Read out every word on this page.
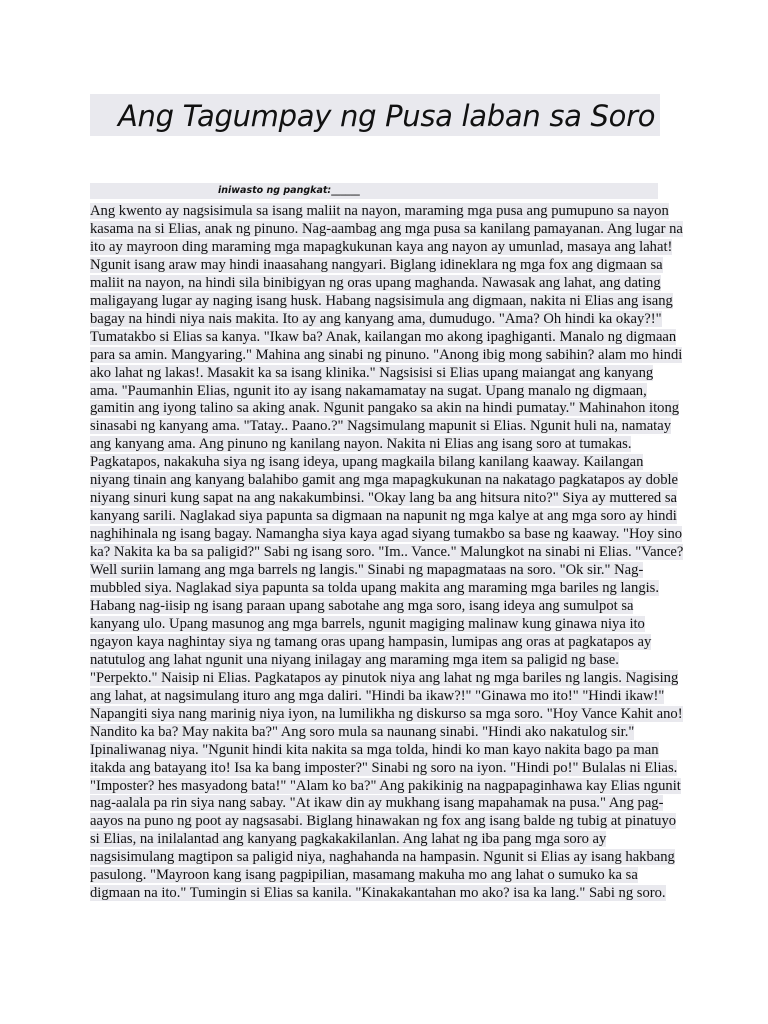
Ang Tagumpay ng Pusa laban sa Soro
iniwasto ng pangkat:______
Ang kwento ay nagsisimula sa isang maliit na nayon, maraming mga pusa ang pumupuno sa nayon
kasama na si Elias, anak ng pinuno. Nag-aambag ang mga pusa sa kanilang pamayanan. Ang lugar na
ito ay mayroon ding maraming mga mapagkukunan kaya ang nayon ay umunlad, masaya ang lahat!
Ngunit isang araw may hindi inaasahang nangyari. Biglang idineklara ng mga fox ang digmaan sa
maliit na nayon, na hindi sila binibigyan ng oras upang maghanda. Nawasak ang lahat, ang dating
maligayang lugar ay naging isang husk. Habang nagsisimula ang digmaan, nakita ni Elias ang isang
bagay na hindi niya nais makita. Ito ay ang kanyang ama, dumudugo. "Ama? Oh hindi ka okay?!"
Tumatakbo si Elias sa kanya. "Ikaw ba? Anak, kailangan mo akong ipaghiganti. Manalo ng digmaan
para sa amin. Mangyaring." Mahina ang sinabi ng pinuno. "Anong ibig mong sabihin? alam mo hindi
ako lahat ng lakas!. Masakit ka sa isang klinika." Nagsisisi si Elias upang maiangat ang kanyang
ama. "Paumanhin Elias, ngunit ito ay isang nakamamatay na sugat. Upang manalo ng digmaan,
gamitin ang iyong talino sa aking anak. Ngunit pangako sa akin na hindi pumatay." Mahinahon itong
sinasabi ng kanyang ama. "Tatay.. Paano.?" Nagsimulang mapunit si Elias. Ngunit huli na, namatay
ang kanyang ama. Ang pinuno ng kanilang nayon. Nakita ni Elias ang isang soro at tumakas.
Pagkatapos, nakakuha siya ng isang ideya, upang magkaila bilang kanilang kaaway. Kailangan
niyang tinain ang kanyang balahibo gamit ang mga mapagkukunan na nakatago pagkatapos ay doble
niyang sinuri kung sapat na ang nakakumbinsi. "Okay lang ba ang hitsura nito?" Siya ay muttered sa
kanyang sarili. Naglakad siya papunta sa digmaan na napunit ng mga kalye at ang mga soro ay hindi
naghihinala ng isang bagay. Namangha siya kaya agad siyang tumakbo sa base ng kaaway. "Hoy sino
ka? Nakita ka ba sa paligid?" Sabi ng isang soro. "Im.. Vance." Malungkot na sinabi ni Elias. "Vance?
Well suriin lamang ang mga barrels ng langis." Sinabi ng mapagmataas na soro. "Ok sir." Nag-
mubbled siya. Naglakad siya papunta sa tolda upang makita ang maraming mga bariles ng langis.
Habang nag-iisip ng isang paraan upang sabotahe ang mga soro, isang ideya ang sumulpot sa
kanyang ulo. Upang masunog ang mga barrels, ngunit magiging malinaw kung ginawa niya ito
ngayon kaya naghintay siya ng tamang oras upang hampasin, lumipas ang oras at pagkatapos ay
natutulog ang lahat ngunit una niyang inilagay ang maraming mga item sa paligid ng base.
"Perpekto." Naisip ni Elias. Pagkatapos ay pinutok niya ang lahat ng mga bariles ng langis. Nagising
ang lahat, at nagsimulang ituro ang mga daliri. "Hindi ba ikaw?!" "Ginawa mo ito!" "Hindi ikaw!"
Napangiti siya nang marinig niya iyon, na lumilikha ng diskurso sa mga soro. "Hoy Vance Kahit ano!
Nandito ka ba? May nakita ba?" Ang soro mula sa naunang sinabi. "Hindi ako nakatulog sir."
Ipinaliwanag niya. "Ngunit hindi kita nakita sa mga tolda, hindi ko man kayo nakita bago pa man
itakda ang batayang ito! Isa ka bang imposter?" Sinabi ng soro na iyon. "Hindi po!" Bulalas ni Elias.
"Imposter? hes masyadong bata!" "Alam ko ba?" Ang pakikinig na nagpapaginhawa kay Elias ngunit
nag-aalala pa rin siya nang sabay. "At ikaw din ay mukhang isang mapahamak na pusa." Ang pag-
aayos na puno ng poot ay nagsasabi. Biglang hinawakan ng fox ang isang balde ng tubig at pinatuyo
si Elias, na inilalantad ang kanyang pagkakakilanlan. Ang lahat ng iba pang mga soro ay
nagsisimulang magtipon sa paligid niya, naghahanda na hampasin. Ngunit si Elias ay isang hakbang
pasulong. "Mayroon kang isang pagpipilian, masamang makuha mo ang lahat o sumuko ka sa
digmaan na ito." Tumingin si Elias sa kanila. "Kinakakantahan mo ako? isa ka lang." Sabi ng soro.
